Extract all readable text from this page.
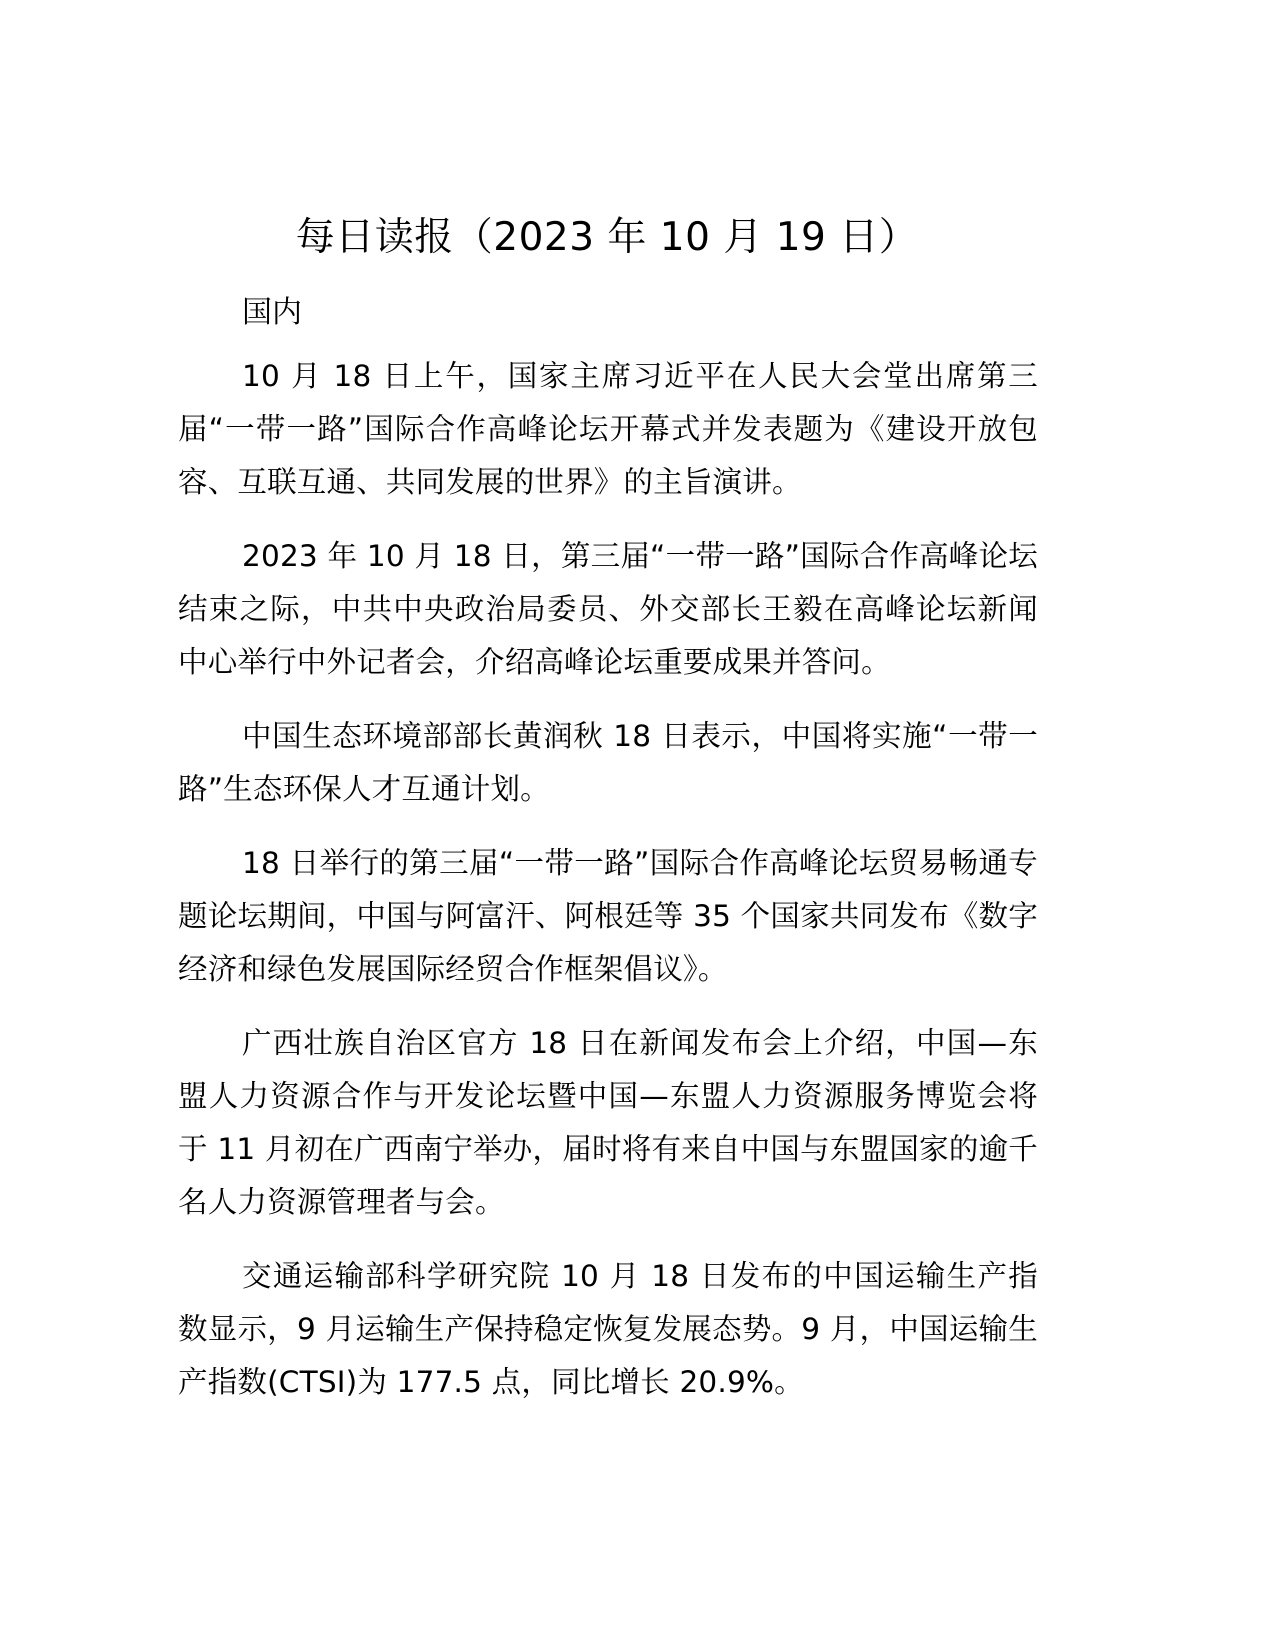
每日读报（2023 年 10 月 19 日）
国内

10 月 18 日上午，国家主席习近平在人民大会堂出席第三届“一带一路”国际合作高峰论坛开幕式并发表题为《建设开放包容、互联互通、共同发展的世界》的主旨演讲。

2023 年 10 月 18 日，第三届“一带一路”国际合作高峰论坛结束之际，中共中央政治局委员、外交部长王毅在高峰论坛新闻中心举行中外记者会，介绍高峰论坛重要成果并答问。

中国生态环境部部长黄润秋 18 日表示，中国将实施“一带一路”生态环保人才互通计划。

18 日举行的第三届“一带一路”国际合作高峰论坛贸易畅通专题论坛期间，中国与阿富汗、阿根廷等 35 个国家共同发布《数字经济和绿色发展国际经贸合作框架倡议》。

广西壮族自治区官方 18 日在新闻发布会上介绍，中国—东盟人力资源合作与开发论坛暨中国—东盟人力资源服务博览会将于 11 月初在广西南宁举办，届时将有来自中国与东盟国家的逾千名人力资源管理者与会。

交通运输部科学研究院 10 月 18 日发布的中国运输生产指数显示，9 月运输生产保持稳定恢复发展态势。9 月，中国运输生产指数(CTSI)为 177.5 点，同比增长 20.9%。
